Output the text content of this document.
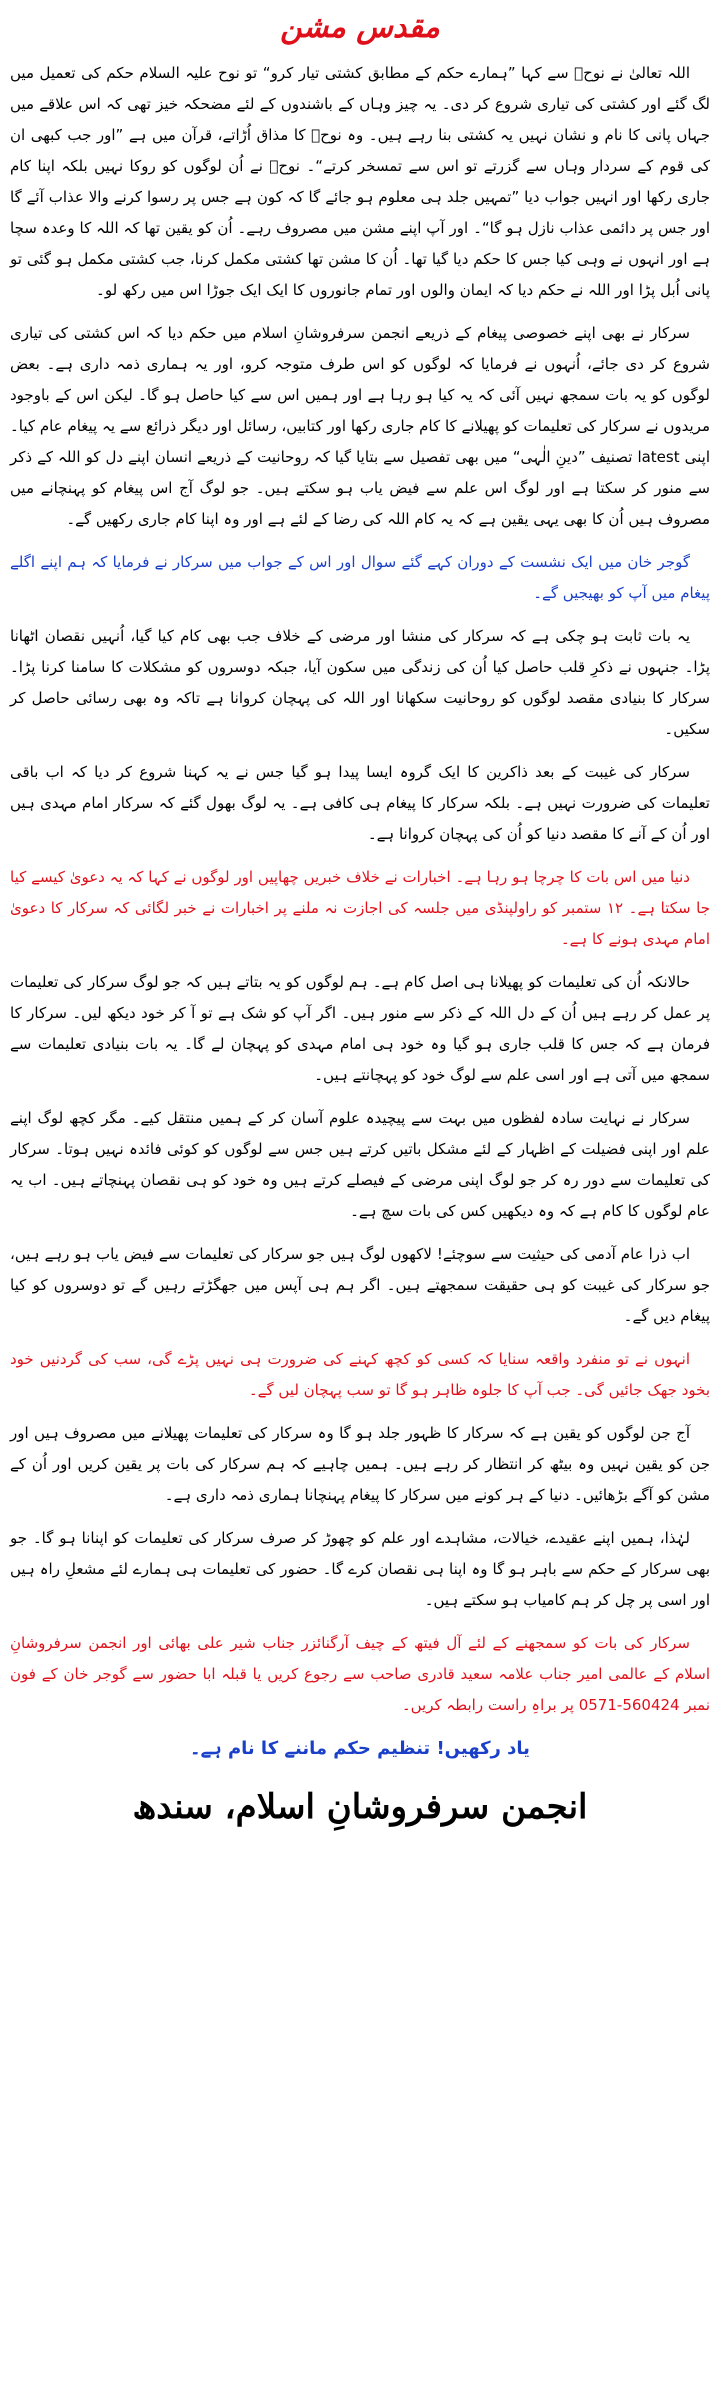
مقدس مشن

اللہ تعالیٰ نے نوحؑ سے کہا ”ہمارے حکم کے مطابق کشتی تیار کرو“ تو نوح علیہ السلام حکم کی تعمیل میں لگ گئے اور کشتی کی تیاری شروع کر دی۔ یہ چیز وہاں کے باشندوں کے لئے مضحکہ خیز تھی کہ اس علاقے میں جہاں پانی کا نام و نشان نہیں یہ کشتی بنا رہے ہیں۔ وہ نوحؑ کا مذاق اُڑاتے، قرآن میں ہے ”اور جب کبھی ان کی قوم کے سردار وہاں سے گزرتے تو اس سے تمسخر کرتے“۔ نوحؑ نے اُن لوگوں کو روکا نہیں بلکہ اپنا کام جاری رکھا اور انہیں جواب دیا ”تمہیں جلد ہی معلوم ہو جائے گا کہ کون ہے جس پر رسوا کرنے والا عذاب آئے گا اور جس پر دائمی عذاب نازل ہو گا“۔ اور آپ اپنے مشن میں مصروف رہے۔ اُن کو یقین تھا کہ اللہ کا وعدہ سچا ہے اور انہوں نے وہی کیا جس کا حکم دیا گیا تھا۔ اُن کا مشن تھا کشتی مکمل کرنا، جب کشتی مکمل ہو گئی تو پانی اُبل پڑا اور اللہ نے حکم دیا کہ ایمان والوں اور تمام جانوروں کا ایک ایک جوڑا اس میں رکھ لو۔

سرکار نے بھی اپنے خصوصی پیغام کے ذریعے انجمن سرفروشانِ اسلام میں حکم دیا کہ اس کشتی کی تیاری شروع کر دی جائے، اُنہوں نے فرمایا کہ لوگوں کو اس طرف متوجہ کرو، اور یہ ہماری ذمہ داری ہے۔ بعض لوگوں کو یہ بات سمجھ نہیں آئی کہ یہ کیا ہو رہا ہے اور ہمیں اس سے کیا حاصل ہو گا۔ لیکن اس کے باوجود مریدوں نے سرکار کی تعلیمات کو پھیلانے کا کام جاری رکھا اور کتابیں، رسائل اور دیگر ذرائع سے یہ پیغام عام کیا۔ اپنی latest تصنیف ”دینِ الٰہی“ میں بھی تفصیل سے بتایا گیا کہ روحانیت کے ذریعے انسان اپنے دل کو اللہ کے ذکر سے منور کر سکتا ہے اور لوگ اس علم سے فیض یاب ہو سکتے ہیں۔ جو لوگ آج اس پیغام کو پہنچانے میں مصروف ہیں اُن کا بھی یہی یقین ہے کہ یہ کام اللہ کی رضا کے لئے ہے اور وہ اپنا کام جاری رکھیں گے۔

گوجر خان میں ایک نشست کے دوران کہے گئے سوال اور اس کے جواب میں سرکار نے فرمایا کہ ہم اپنے اگلے پیغام میں آپ کو بھیجیں گے۔

یہ بات ثابت ہو چکی ہے کہ سرکار کی منشا اور مرضی کے خلاف جب بھی کام کیا گیا، اُنہیں نقصان اٹھانا پڑا۔ جنہوں نے ذکرِ قلب حاصل کیا اُن کی زندگی میں سکون آیا، جبکہ دوسروں کو مشکلات کا سامنا کرنا پڑا۔ سرکار کا بنیادی مقصد لوگوں کو روحانیت سکھانا اور اللہ کی پہچان کروانا ہے تاکہ وہ بھی رسائی حاصل کر سکیں۔

سرکار کی غیبت کے بعد ذاکرین کا ایک گروہ ایسا پیدا ہو گیا جس نے یہ کہنا شروع کر دیا کہ اب باقی تعلیمات کی ضرورت نہیں ہے۔ بلکہ سرکار کا پیغام ہی کافی ہے۔ یہ لوگ بھول گئے کہ سرکار امام مہدی ہیں اور اُن کے آنے کا مقصد دنیا کو اُن کی پہچان کروانا ہے۔

دنیا میں اس بات کا چرچا ہو رہا ہے۔ اخبارات نے خلاف خبریں چھاپیں اور لوگوں نے کہا کہ یہ دعویٰ کیسے کیا جا سکتا ہے۔ ۱۲ ستمبر کو راولپنڈی میں جلسہ کی اجازت نہ ملنے پر اخبارات نے خبر لگائی کہ سرکار کا دعویٰ امام مہدی ہونے کا ہے۔

حالانکہ اُن کی تعلیمات کو پھیلانا ہی اصل کام ہے۔ ہم لوگوں کو یہ بتاتے ہیں کہ جو لوگ سرکار کی تعلیمات پر عمل کر رہے ہیں اُن کے دل اللہ کے ذکر سے منور ہیں۔ اگر آپ کو شک ہے تو آ کر خود دیکھ لیں۔ سرکار کا فرمان ہے کہ جس کا قلب جاری ہو گیا وہ خود ہی امام مہدی کو پہچان لے گا۔ یہ بات بنیادی تعلیمات سے سمجھ میں آتی ہے اور اسی علم سے لوگ خود کو پہچانتے ہیں۔

سرکار نے نہایت سادہ لفظوں میں بہت سے پیچیدہ علوم آسان کر کے ہمیں منتقل کیے۔ مگر کچھ لوگ اپنے علم اور اپنی فضیلت کے اظہار کے لئے مشکل باتیں کرتے ہیں جس سے لوگوں کو کوئی فائدہ نہیں ہوتا۔ سرکار کی تعلیمات سے دور رہ کر جو لوگ اپنی مرضی کے فیصلے کرتے ہیں وہ خود کو ہی نقصان پہنچاتے ہیں۔ اب یہ عام لوگوں کا کام ہے کہ وہ دیکھیں کس کی بات سچ ہے۔

اب ذرا عام آدمی کی حیثیت سے سوچئے! لاکھوں لوگ ہیں جو سرکار کی تعلیمات سے فیض یاب ہو رہے ہیں، جو سرکار کی غیبت کو ہی حقیقت سمجھتے ہیں۔ اگر ہم ہی آپس میں جھگڑتے رہیں گے تو دوسروں کو کیا پیغام دیں گے۔

انہوں نے تو منفرد واقعہ سنایا کہ کسی کو کچھ کہنے کی ضرورت ہی نہیں پڑے گی، سب کی گردنیں خود بخود جھک جائیں گی۔ جب آپ کا جلوہ ظاہر ہو گا تو سب پہچان لیں گے۔

آج جن لوگوں کو یقین ہے کہ سرکار کا ظہور جلد ہو گا وہ سرکار کی تعلیمات پھیلانے میں مصروف ہیں اور جن کو یقین نہیں وہ بیٹھ کر انتظار کر رہے ہیں۔ ہمیں چاہیے کہ ہم سرکار کی بات پر یقین کریں اور اُن کے مشن کو آگے بڑھائیں۔ دنیا کے ہر کونے میں سرکار کا پیغام پہنچانا ہماری ذمہ داری ہے۔

لہٰذا، ہمیں اپنے عقیدے، خیالات، مشاہدے اور علم کو چھوڑ کر صرف سرکار کی تعلیمات کو اپنانا ہو گا۔ جو بھی سرکار کے حکم سے باہر ہو گا وہ اپنا ہی نقصان کرے گا۔ حضور کی تعلیمات ہی ہمارے لئے مشعلِ راہ ہیں اور اسی پر چل کر ہم کامیاب ہو سکتے ہیں۔

سرکار کی بات کو سمجھنے کے لئے آل فیتھ کے چیف آرگنائزر جناب شیر علی بھائی اور انجمن سرفروشانِ اسلام کے عالمی امیر جناب علامہ سعید قادری صاحب سے رجوع کریں یا قبلہ ابا حضور سے گوجر خان کے فون نمبر 560424-0571 پر براہِ راست رابطہ کریں۔

یاد رکھیں! تنظیم حکم ماننے کا نام ہے۔
انجمن سرفروشانِ اسلام، سندھ
